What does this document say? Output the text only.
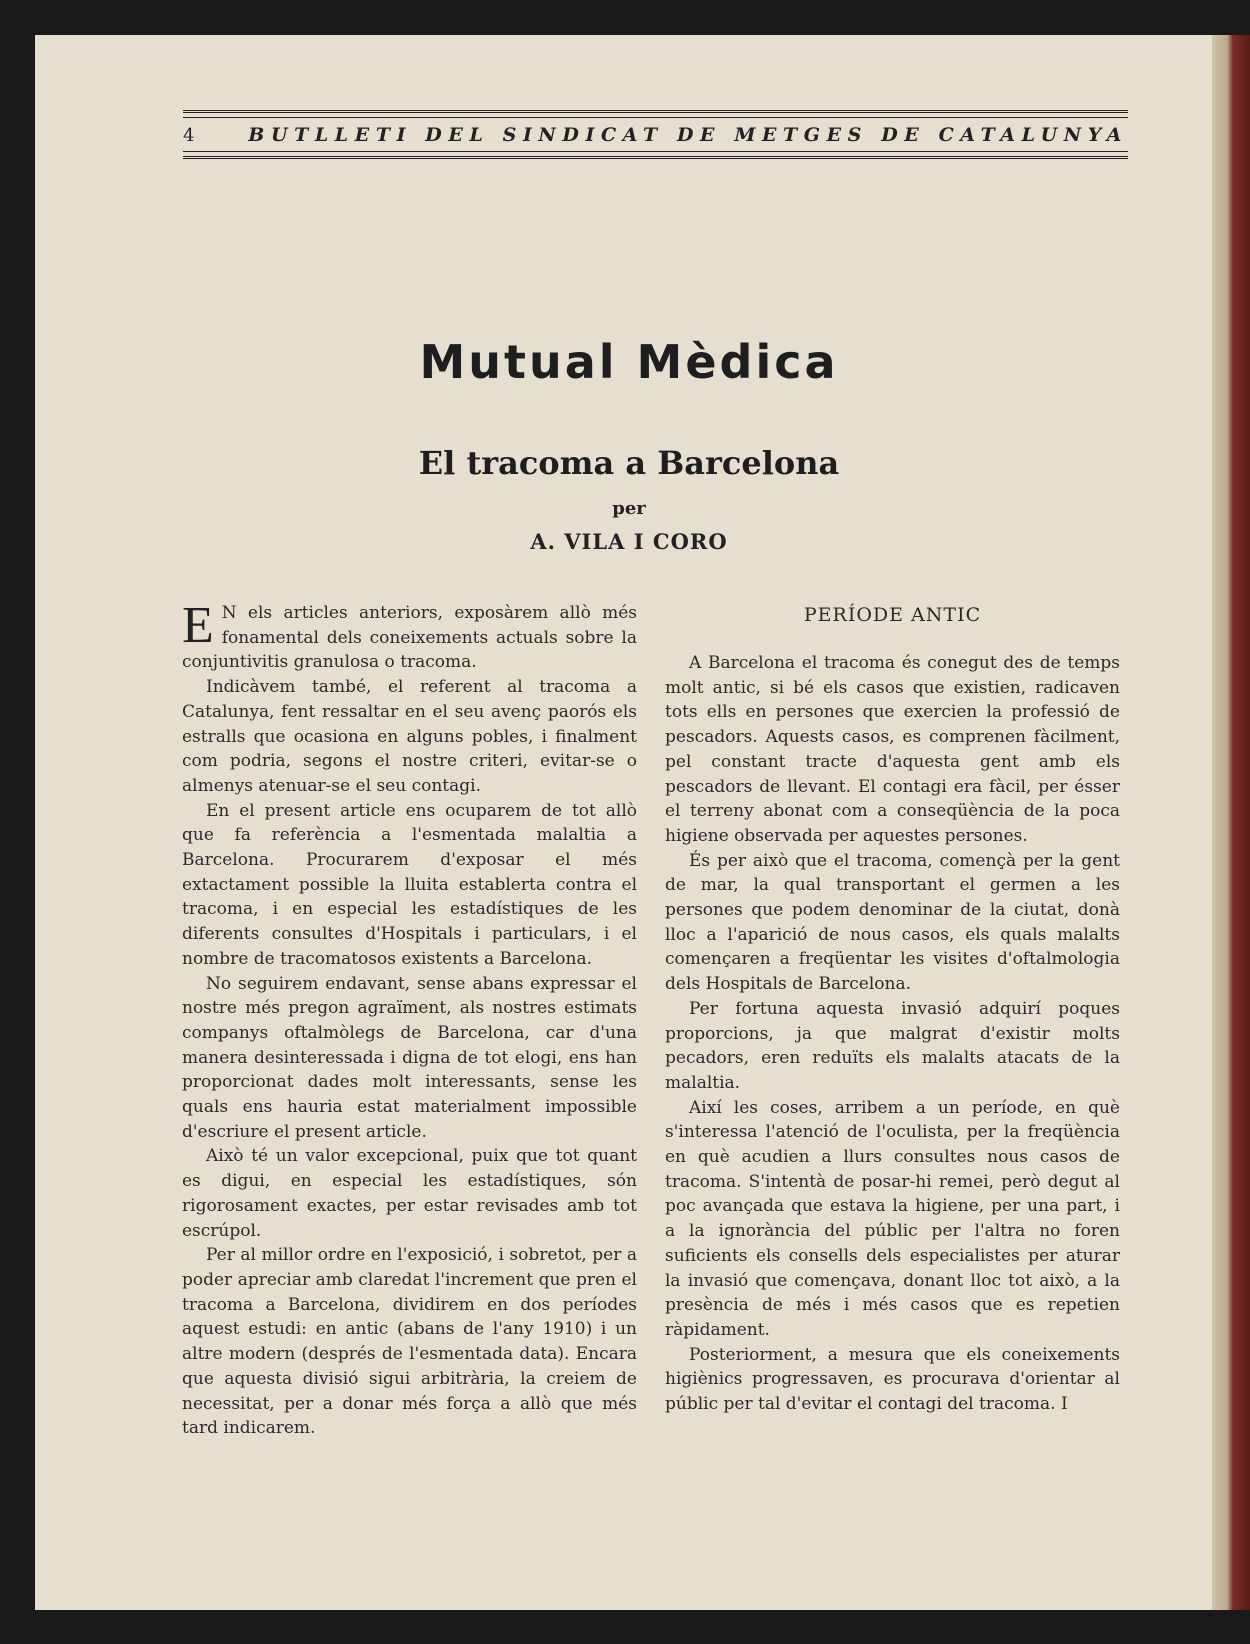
4	BUTLLETI DEL SINDICAT DE METGES DE CATALUNYA
Mutual Mèdica
El tracoma a Barcelona
per
A. VILA I CORO

E N els articles anteriors, exposàrem allò més fonamental dels coneixements actuals sobre la conjuntivitis granulosa o tracoma.

Indicàvem també, el referent al tracoma a Catalunya, fent ressaltar en el seu avenç paorós els estralls que ocasiona en alguns pobles, i finalment com podria, segons el nostre criteri, evitar-se o almenys atenuar-se el seu contagi.

En el present article ens ocuparem de tot allò que fa referència a l'esmentada malaltia a Barcelona. Procurarem d'exposar el més extactament possible la lluita establerta contra el tracoma, i en especial les estadístiques de les diferents consultes d'Hospitals i particulars, i el nombre de tracomatosos existents a Barcelona.

No seguirem endavant, sense abans expressar el nostre més pregon agraïment, als nostres estimats companys oftalmòlegs de Barcelona, car d'una manera desinteressada i digna de tot elogi, ens han proporcionat dades molt interessants, sense les quals ens hauria estat materialment impossible d'escriure el present article.

Això té un valor excepcional, puix que tot quant es digui, en especial les estadístiques, són rigorosament exactes, per estar revisades amb tot escrúpol.

Per al millor ordre en l'exposició, i sobretot, per a poder apreciar amb claredat l'increment que pren el tracoma a Barcelona, dividirem en dos períodes aquest estudi: en antic (abans de l'any 1910) i un altre modern (després de l'esmentada data). Encara que aquesta divisió sigui arbitrària, la creiem de necessitat, per a donar més força a allò que més tard indicarem.

PERÍODE ANTIC

A Barcelona el tracoma és conegut des de temps molt antic, si bé els casos que existien, radicaven tots ells en persones que exercien la professió de pescadors. Aquests casos, es comprenen fàcilment, pel constant tracte d'aquesta gent amb els pescadors de llevant. El contagi era fàcil, per ésser el terreny abonat com a conseqüència de la poca higiene observada per aquestes persones.

És per això que el tracoma, començà per la gent de mar, la qual transportant el germen a les persones que podem denominar de la ciutat, donà lloc a l'aparició de nous casos, els quals malalts començaren a freqüentar les visites d'oftalmologia dels Hospitals de Barcelona.

Per fortuna aquesta invasió adquirí poques proporcions, ja que malgrat d'existir molts pecadors, eren reduïts els malalts atacats de la malaltia.

Així les coses, arribem a un període, en què s'interessa l'atenció de l'oculista, per la freqüència en què acudien a llurs consultes nous casos de tracoma. S'intentà de posar-hi remei, però degut al poc avançada que estava la higiene, per una part, i a la ignorància del públic per l'altra no foren suficients els consells dels especialistes per aturar la invasió que començava, donant lloc tot això, a la presència de més i més casos que es repetien ràpidament.

Posteriorment, a mesura que els coneixements higiènics progressaven, es procurava d'orientar al públic per tal d'evitar el contagi del tracoma. I
